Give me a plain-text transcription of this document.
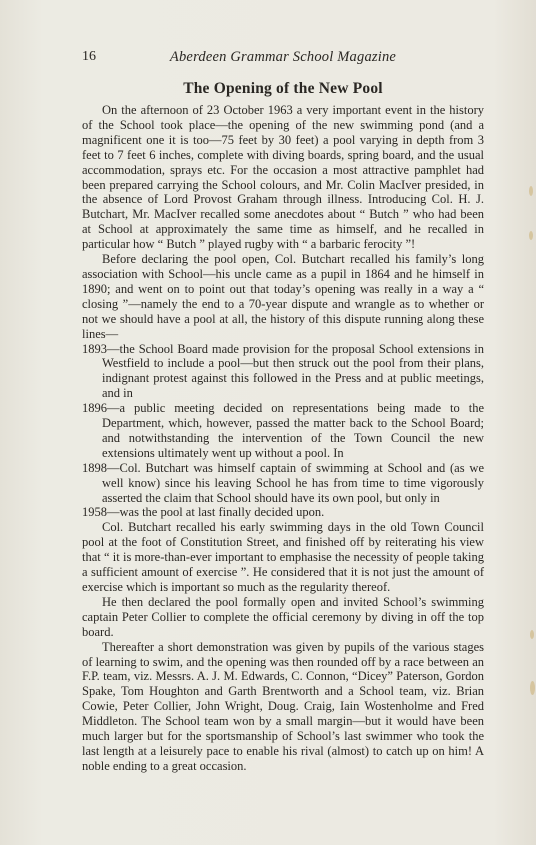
16	Aberdeen Grammar School Magazine
The Opening of the New Pool

On the afternoon of 23 October 1963 a very important event in the history of the School took place—the opening of the new swimming pond (and a magnificent one it is too—75 feet by 30 feet) a pool varying in depth from 3 feet to 7 feet 6 inches, complete with diving boards, spring board, and the usual accommodation, sprays etc. For the occasion a most attractive pamphlet had been prepared carrying the School colours, and Mr. Colin MacIver presided, in the absence of Lord Provost Graham through illness. Introducing Col. H. J. Butchart, Mr. MacIver recalled some anecdotes about “ Butch ” who had been at School at approximately the same time as himself, and he recalled in particular how “ Butch ” played rugby with “ a barbaric ferocity ”!

Before declaring the pool open, Col. Butchart recalled his family’s long association with School—his uncle came as a pupil in 1864 and he himself in 1890; and went on to point out that today’s opening was really in a way a “ closing ”—namely the end to a 70-year dispute and wrangle as to whether or not we should have a pool at all, the history of this dispute running along these lines—

1893—the School Board made provision for the proposal School extensions in Westfield to include a pool—but then struck out the pool from their plans, indignant protest against this followed in the Press and at public meetings, and in

1896—a public meeting decided on representations being made to the Department, which, however, passed the matter back to the School Board; and notwithstanding the intervention of the Town Council the new extensions ultimately went up without a pool. In

1898—Col. Butchart was himself captain of swimming at School and (as we well know) since his leaving School he has from time to time vigorously asserted the claim that School should have its own pool, but only in

1958—was the pool at last finally decided upon.

Col. Butchart recalled his early swimming days in the old Town Council pool at the foot of Constitution Street, and finished off by reiterating his view that “ it is more-than-ever important to emphasise the necessity of people taking a sufficient amount of exercise ”. He considered that it is not just the amount of exercise which is important so much as the regularity thereof.

He then declared the pool formally open and invited School’s swimming captain Peter Collier to complete the official ceremony by diving in off the top board.

Thereafter a short demonstration was given by pupils of the various stages of learning to swim, and the opening was then rounded off by a race between an F.P. team, viz. Messrs. A. J. M. Edwards, C. Connon, “Dicey” Paterson, Gordon Spake, Tom Houghton and Garth Brentworth and a School team, viz. Brian Cowie, Peter Collier, John Wright, Doug. Craig, Iain Wostenholme and Fred Middleton. The School team won by a small margin—but it would have been much larger but for the sportsmanship of School’s last swimmer who took the last length at a leisurely pace to enable his rival (almost) to catch up on him! A noble ending to a great occasion.
